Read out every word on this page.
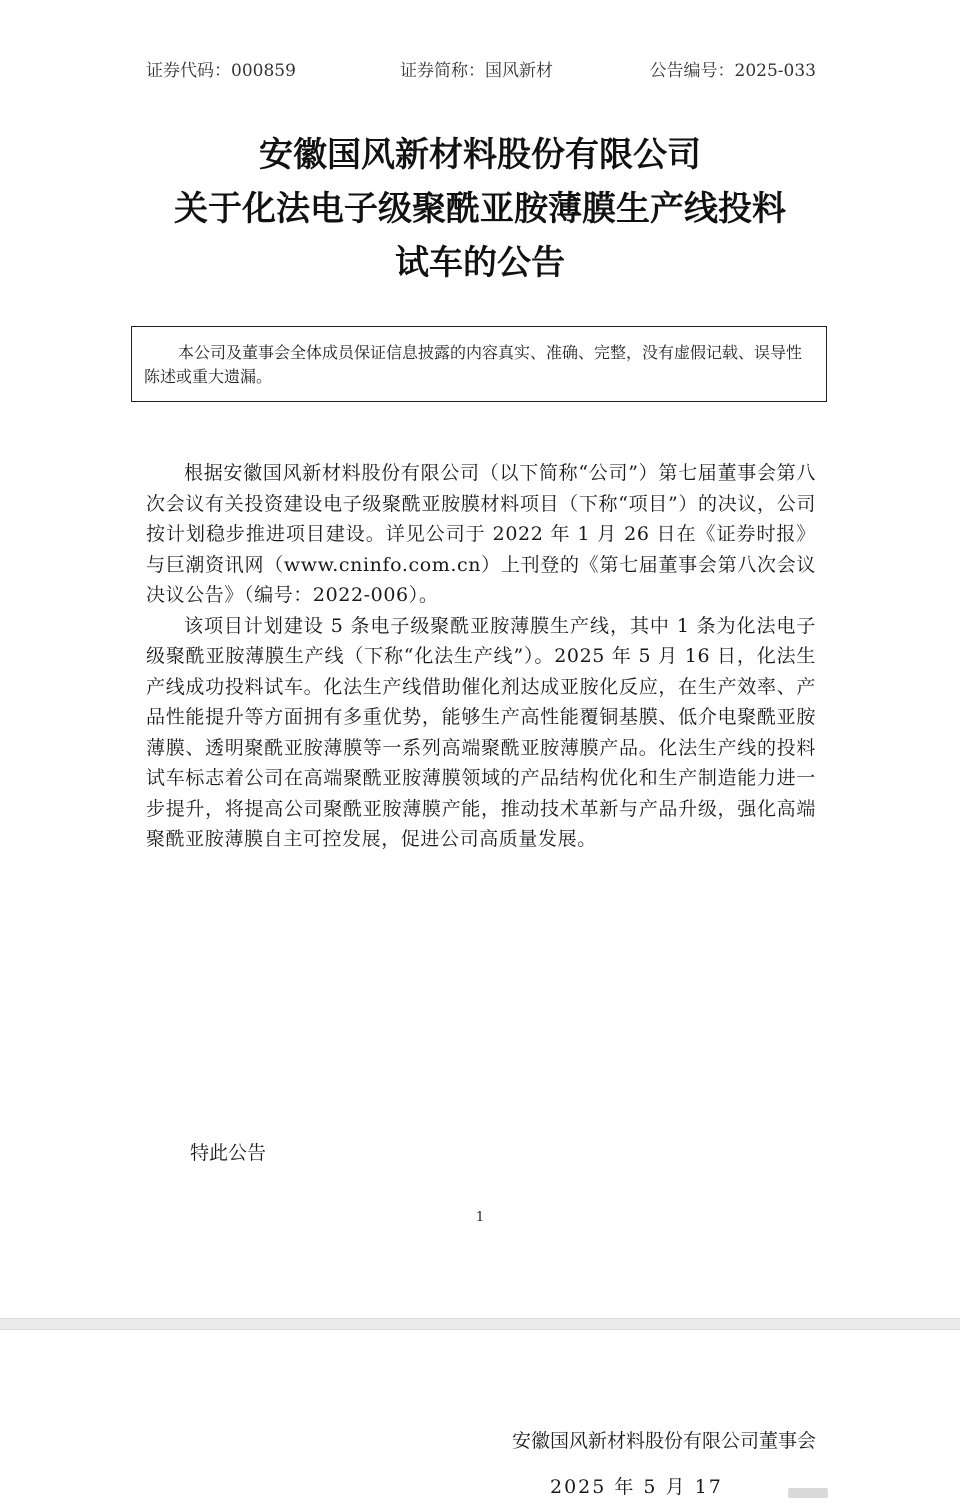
证券代码：000859	证券简称：国风新材	公告编号：2025-033
安徽国风新材料股份有限公司
关于化法电子级聚酰亚胺薄膜生产线投料
试车的公告
本公司及董事会全体成员保证信息披露的内容真实、准确、完整，没有虚假记载、误导性陈述或重大遗漏。

根据安徽国风新材料股份有限公司（以下简称“公司”）第七届董事会第八次会议有关投资建设电子级聚酰亚胺膜材料项目（下称“项目”）的决议，公司按计划稳步推进项目建设。详见公司于 2022 年 1 月 26 日在《证券时报》与巨潮资讯网（www.cninfo.com.cn）上刊登的《第七届董事会第八次会议决议公告》（编号：2022-006）。

该项目计划建设 5 条电子级聚酰亚胺薄膜生产线，其中 1 条为化法电子级聚酰亚胺薄膜生产线（下称“化法生产线”）。2025 年 5 月 16 日，化法生产线成功投料试车。化法生产线借助催化剂达成亚胺化反应，在生产效率、产品性能提升等方面拥有多重优势，能够生产高性能覆铜基膜、低介电聚酰亚胺薄膜、透明聚酰亚胺薄膜等一系列高端聚酰亚胺薄膜产品。化法生产线的投料试车标志着公司在高端聚酰亚胺薄膜领域的产品结构优化和生产制造能力进一步提升，将提高公司聚酰亚胺薄膜产能，推动技术革新与产品升级，强化高端聚酰亚胺薄膜自主可控发展，促进公司高质量发展。

特此公告
1
安徽国风新材料股份有限公司董事会
2025 年 5 月 17
